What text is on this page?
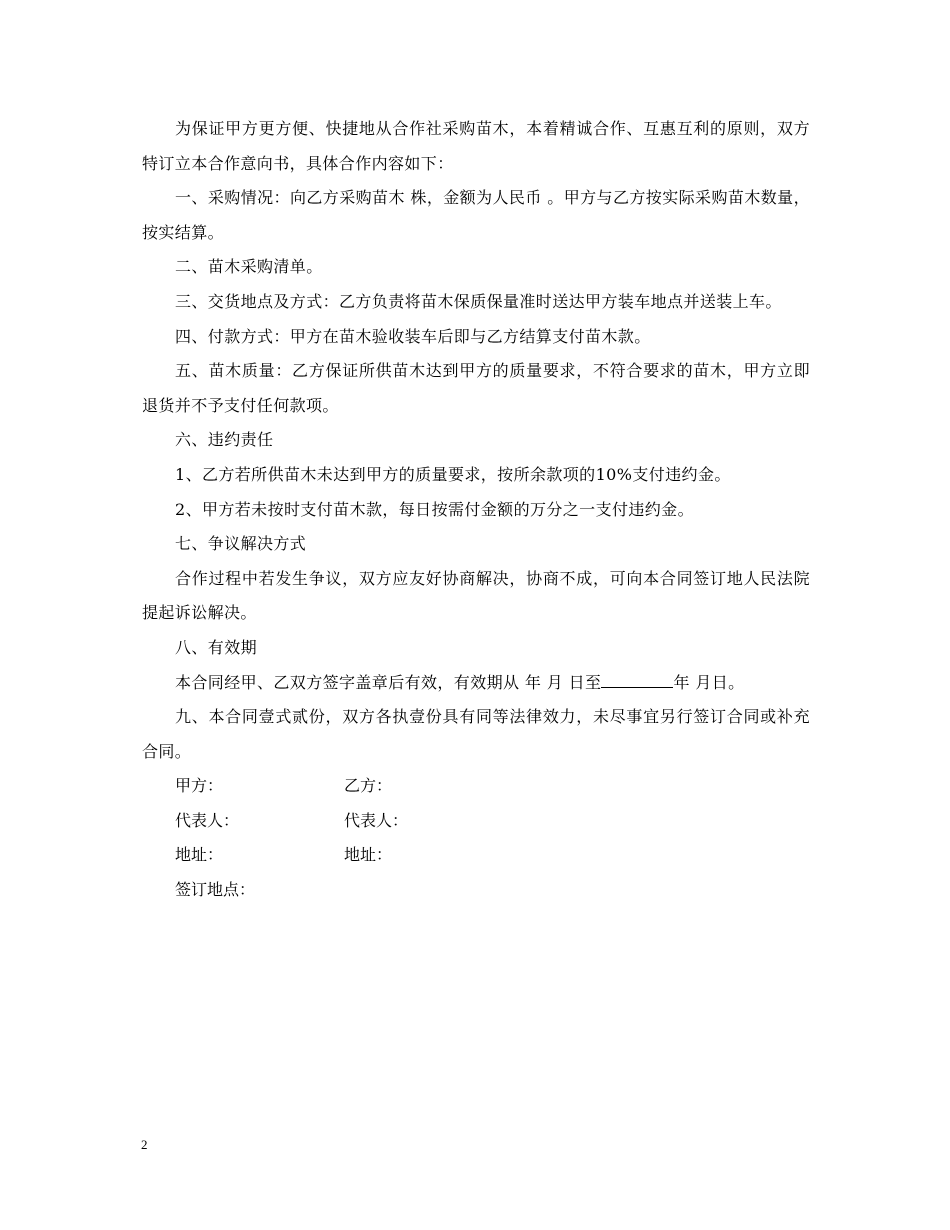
为保证甲方更方便、快捷地从合作社采购苗木，本着精诚合作、互惠互利的原则，双方特订立本合作意向书，具体合作内容如下：

一、采购情况：向乙方采购苗木 株，金额为人民币 。甲方与乙方按实际采购苗木数量，按实结算。

二、苗木采购清单。

三、交货地点及方式：乙方负责将苗木保质保量准时送达甲方装车地点并送装上车。

四、付款方式：甲方在苗木验收装车后即与乙方结算支付苗木款。

五、苗木质量：乙方保证所供苗木达到甲方的质量要求，不符合要求的苗木，甲方立即退货并不予支付任何款项。

六、违约责任

1、乙方若所供苗木未达到甲方的质量要求，按所余款项的10%支付违约金。

2、甲方若未按时支付苗木款，每日按需付金额的万分之一支付违约金。

七、争议解决方式

合作过程中若发生争议，双方应友好协商解决，协商不成，可向本合同签订地人民法院提起诉讼解决。

八、有效期

本合同经甲、乙双方签字盖章后有效，有效期从 年 月 日至	年 月日。

九、本合同壹式贰份，双方各执壹份具有同等法律效力，未尽事宜另行签订合同或补充合同。

甲方：	乙方：
代表人：	代表人：
地址：	地址：
签订地点：
2
